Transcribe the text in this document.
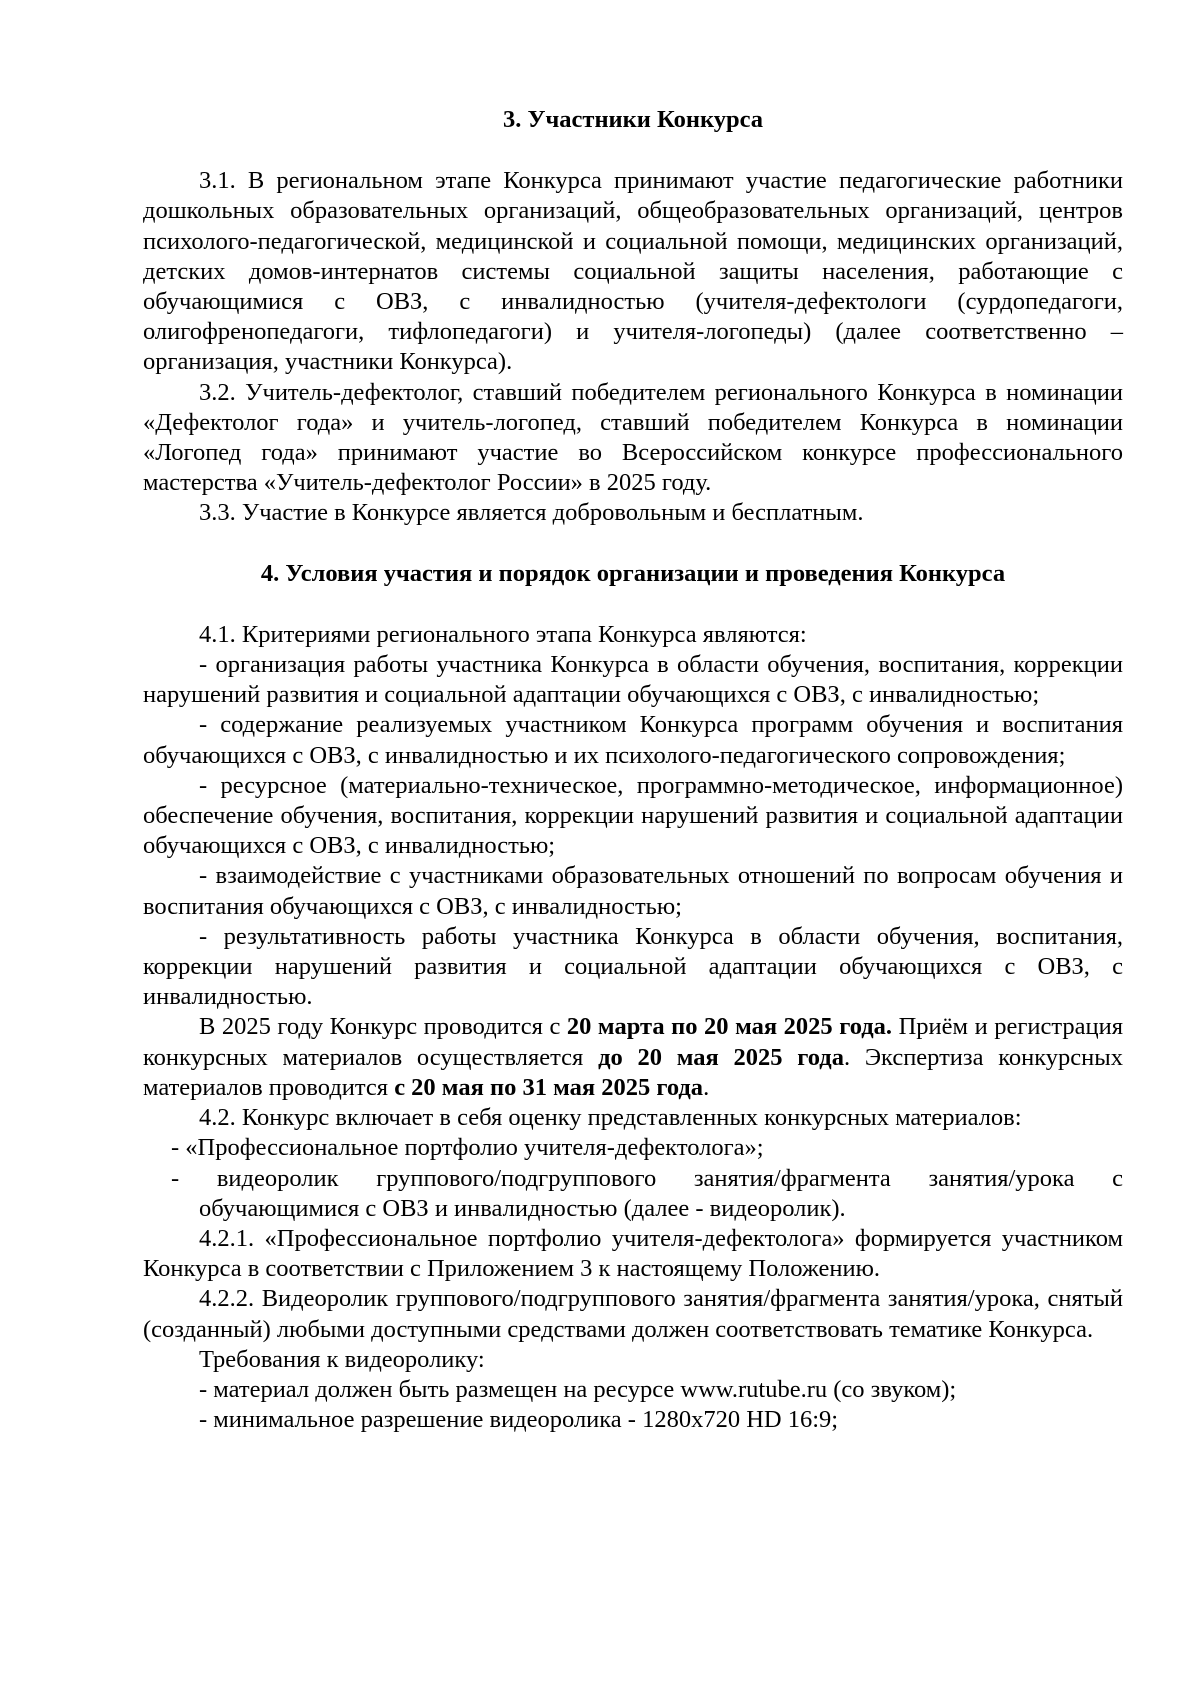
3. Участники Конкурса

3.1. В региональном этапе Конкурса принимают участие педагогические работники дошкольных образовательных организаций, общеобразовательных организаций, центров психолого-педагогической, медицинской и социальной помощи, медицинских организаций, детских домов-интернатов системы социальной защиты населения, работающие с обучающимися с ОВЗ, с инвалидностью (учителя-дефектологи (сурдопедагоги, олигофренопедагоги, тифлопедагоги) и учителя-логопеды) (далее соответственно – организация, участники Конкурса).

3.2. Учитель-дефектолог, ставший победителем регионального Конкурса в номинации «Дефектолог года» и учитель-логопед, ставший победителем Конкурса в номинации «Логопед года» принимают участие во Всероссийском конкурсе профессионального мастерства «Учитель-дефектолог России» в 2025 году.

3.3. Участие в Конкурсе является добровольным и бесплатным.

4. Условия участия и порядок организации и проведения Конкурса

4.1. Критериями регионального этапа Конкурса являются:

- организация работы участника Конкурса в области обучения, воспитания, коррекции нарушений развития и социальной адаптации обучающихся с ОВЗ, с инвалидностью;

- содержание реализуемых участником Конкурса программ обучения и воспитания обучающихся с ОВЗ, с инвалидностью и их психолого-педагогического сопровождения;

- ресурсное (материально-техническое, программно-методическое, информационное) обеспечение обучения, воспитания, коррекции нарушений развития и социальной адаптации обучающихся с ОВЗ, с инвалидностью;

- взаимодействие с участниками образовательных отношений по вопросам обучения и воспитания обучающихся с ОВЗ, с инвалидностью;

- результативность работы участника Конкурса в области обучения, воспитания, коррекции нарушений развития и социальной адаптации обучающихся с ОВЗ, с инвалидностью.

В 2025 году Конкурс проводится с 20 марта по 20 мая 2025 года. Приём и регистрация конкурсных материалов осуществляется до 20 мая 2025 года. Экспертиза конкурсных материалов проводится с 20 мая по 31 мая 2025 года.

4.2. Конкурс включает в себя оценку представленных конкурсных материалов:

- «Профессиональное портфолио учителя-дефектолога»;

- видеоролик группового/подгруппового занятия/фрагмента занятия/урока с обучающимися с ОВЗ и инвалидностью (далее - видеоролик).

4.2.1. «Профессиональное портфолио учителя-дефектолога» формируется участником Конкурса в соответствии с Приложением 3 к настоящему Положению.

4.2.2. Видеоролик группового/подгруппового занятия/фрагмента занятия/урока, снятый (созданный) любыми доступными средствами должен соответствовать тематике Конкурса.

Требования к видеоролику:

- материал должен быть размещен на ресурсе www.rutube.ru (со звуком);

- минимальное разрешение видеоролика - 1280х720 HD 16:9;
